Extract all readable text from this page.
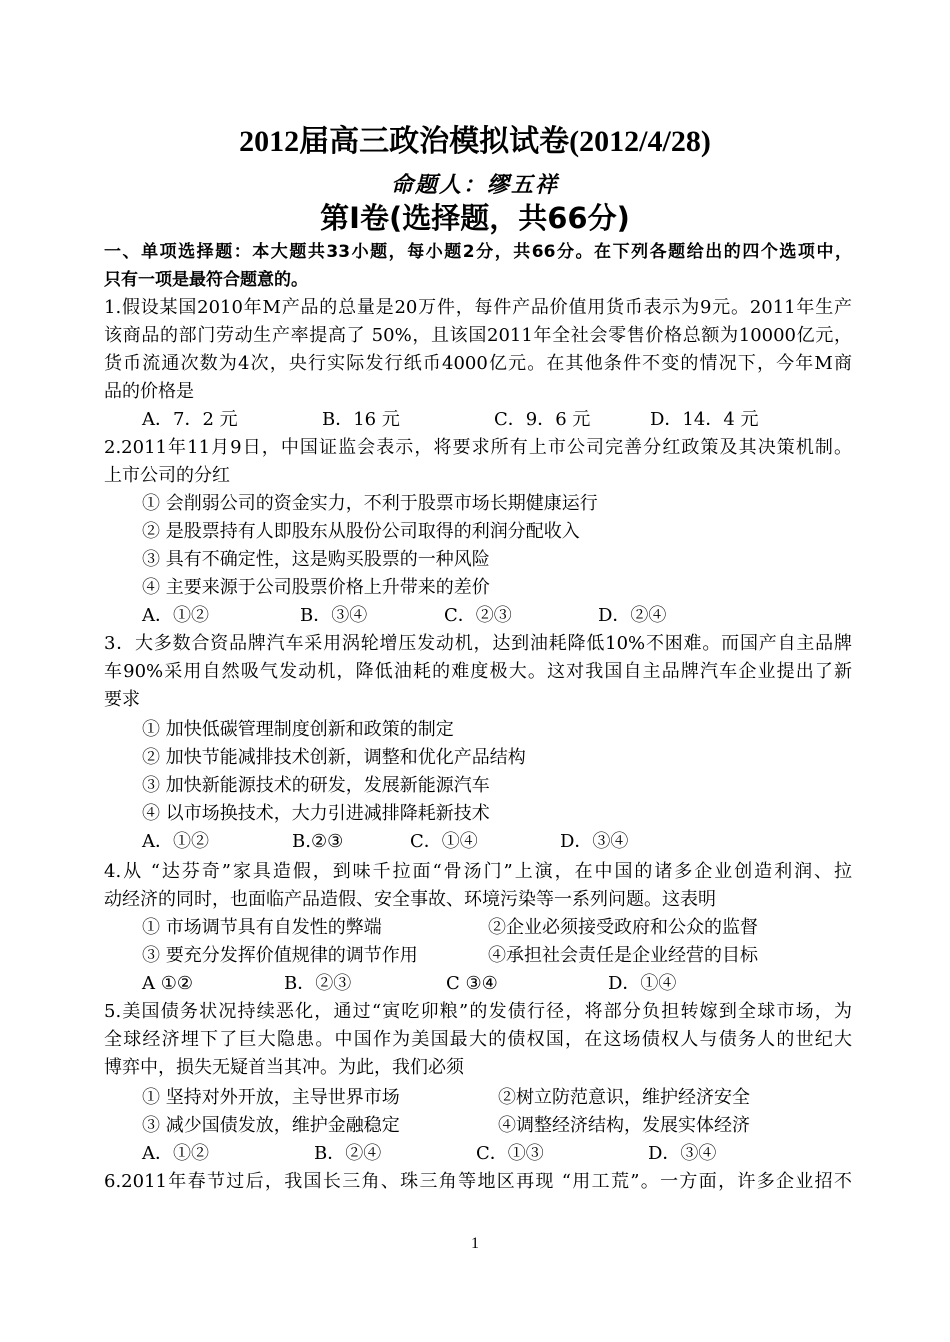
2012届高三政治模拟试卷(2012/4/28)
命题人：缪五祥
第Ⅰ卷(选择题，共66分)
一、单项选择题：本大题共33小题，每小题2分，共66分。在下列各题给出的四个选项中，
只有一项是最符合题意的。
1.假设某国2010年M产品的总量是20万件，每件产品价值用货币表示为9元。2011年生产
该商品的部门劳动生产率提高了 50%，且该国2011年全社会零售价格总额为10000亿元，
货币流通次数为4次，央行实际发行纸币4000亿元。在其他条件不变的情况下，今年M商
品的价格是
A．7．2 元	B．16 元	C．9．6 元	D．14．4 元
2.2011年11月9日，中国证监会表示，将要求所有上市公司完善分红政策及其决策机制。
上市公司的分红
① 会削弱公司的资金实力，不利于股票市场长期健康运行
② 是股票持有人即股东从股份公司取得的利润分配收入
③ 具有不确定性，这是购买股票的一种风险
④ 主要来源于公司股票价格上升带来的差价
A．①②	B．③④	C．②③	D．②④
3．大多数合资品牌汽车采用涡轮增压发动机，达到油耗降低10%不困难。而国产自主品牌
车90%采用自然吸气发动机，降低油耗的难度极大。这对我国自主品牌汽车企业提出了新
要求
① 加快低碳管理制度创新和政策的制定
② 加快节能减排技术创新，调整和优化产品结构
③ 加快新能源技术的研发，发展新能源汽车
④ 以市场换技术，大力引进减排降耗新技术
A．①②	B.②③	C．①④	D．③④
4.从 “达芬奇”家具造假，到味千拉面“骨汤门”上演，在中国的诸多企业创造利润、拉
动经济的同时，也面临产品造假、安全事故、环境污染等一系列问题。这表明
① 市场调节具有自发性的弊端	②企业必须接受政府和公众的监督
③ 要充分发挥价值规律的调节作用	④承担社会责任是企业经营的目标
A ①②	B．②③	C ③④	D．①④
5.美国债务状况持续恶化，通过“寅吃卯粮”的发债行径，将部分负担转嫁到全球市场，为
全球经济埋下了巨大隐患。中国作为美国最大的债权国，在这场债权人与债务人的世纪大
博弈中，损失无疑首当其冲。为此，我们必须
① 坚持对外开放，主导世界市场	②树立防范意识，维护经济安全
③ 减少国债发放，维护金融稳定	④调整经济结构，发展实体经济
A．①②	B．②④	C．①③	D．③④
6.2011年春节过后，我国长三角、珠三角等地区再现 “用工荒”。一方面，许多企业招不
1
